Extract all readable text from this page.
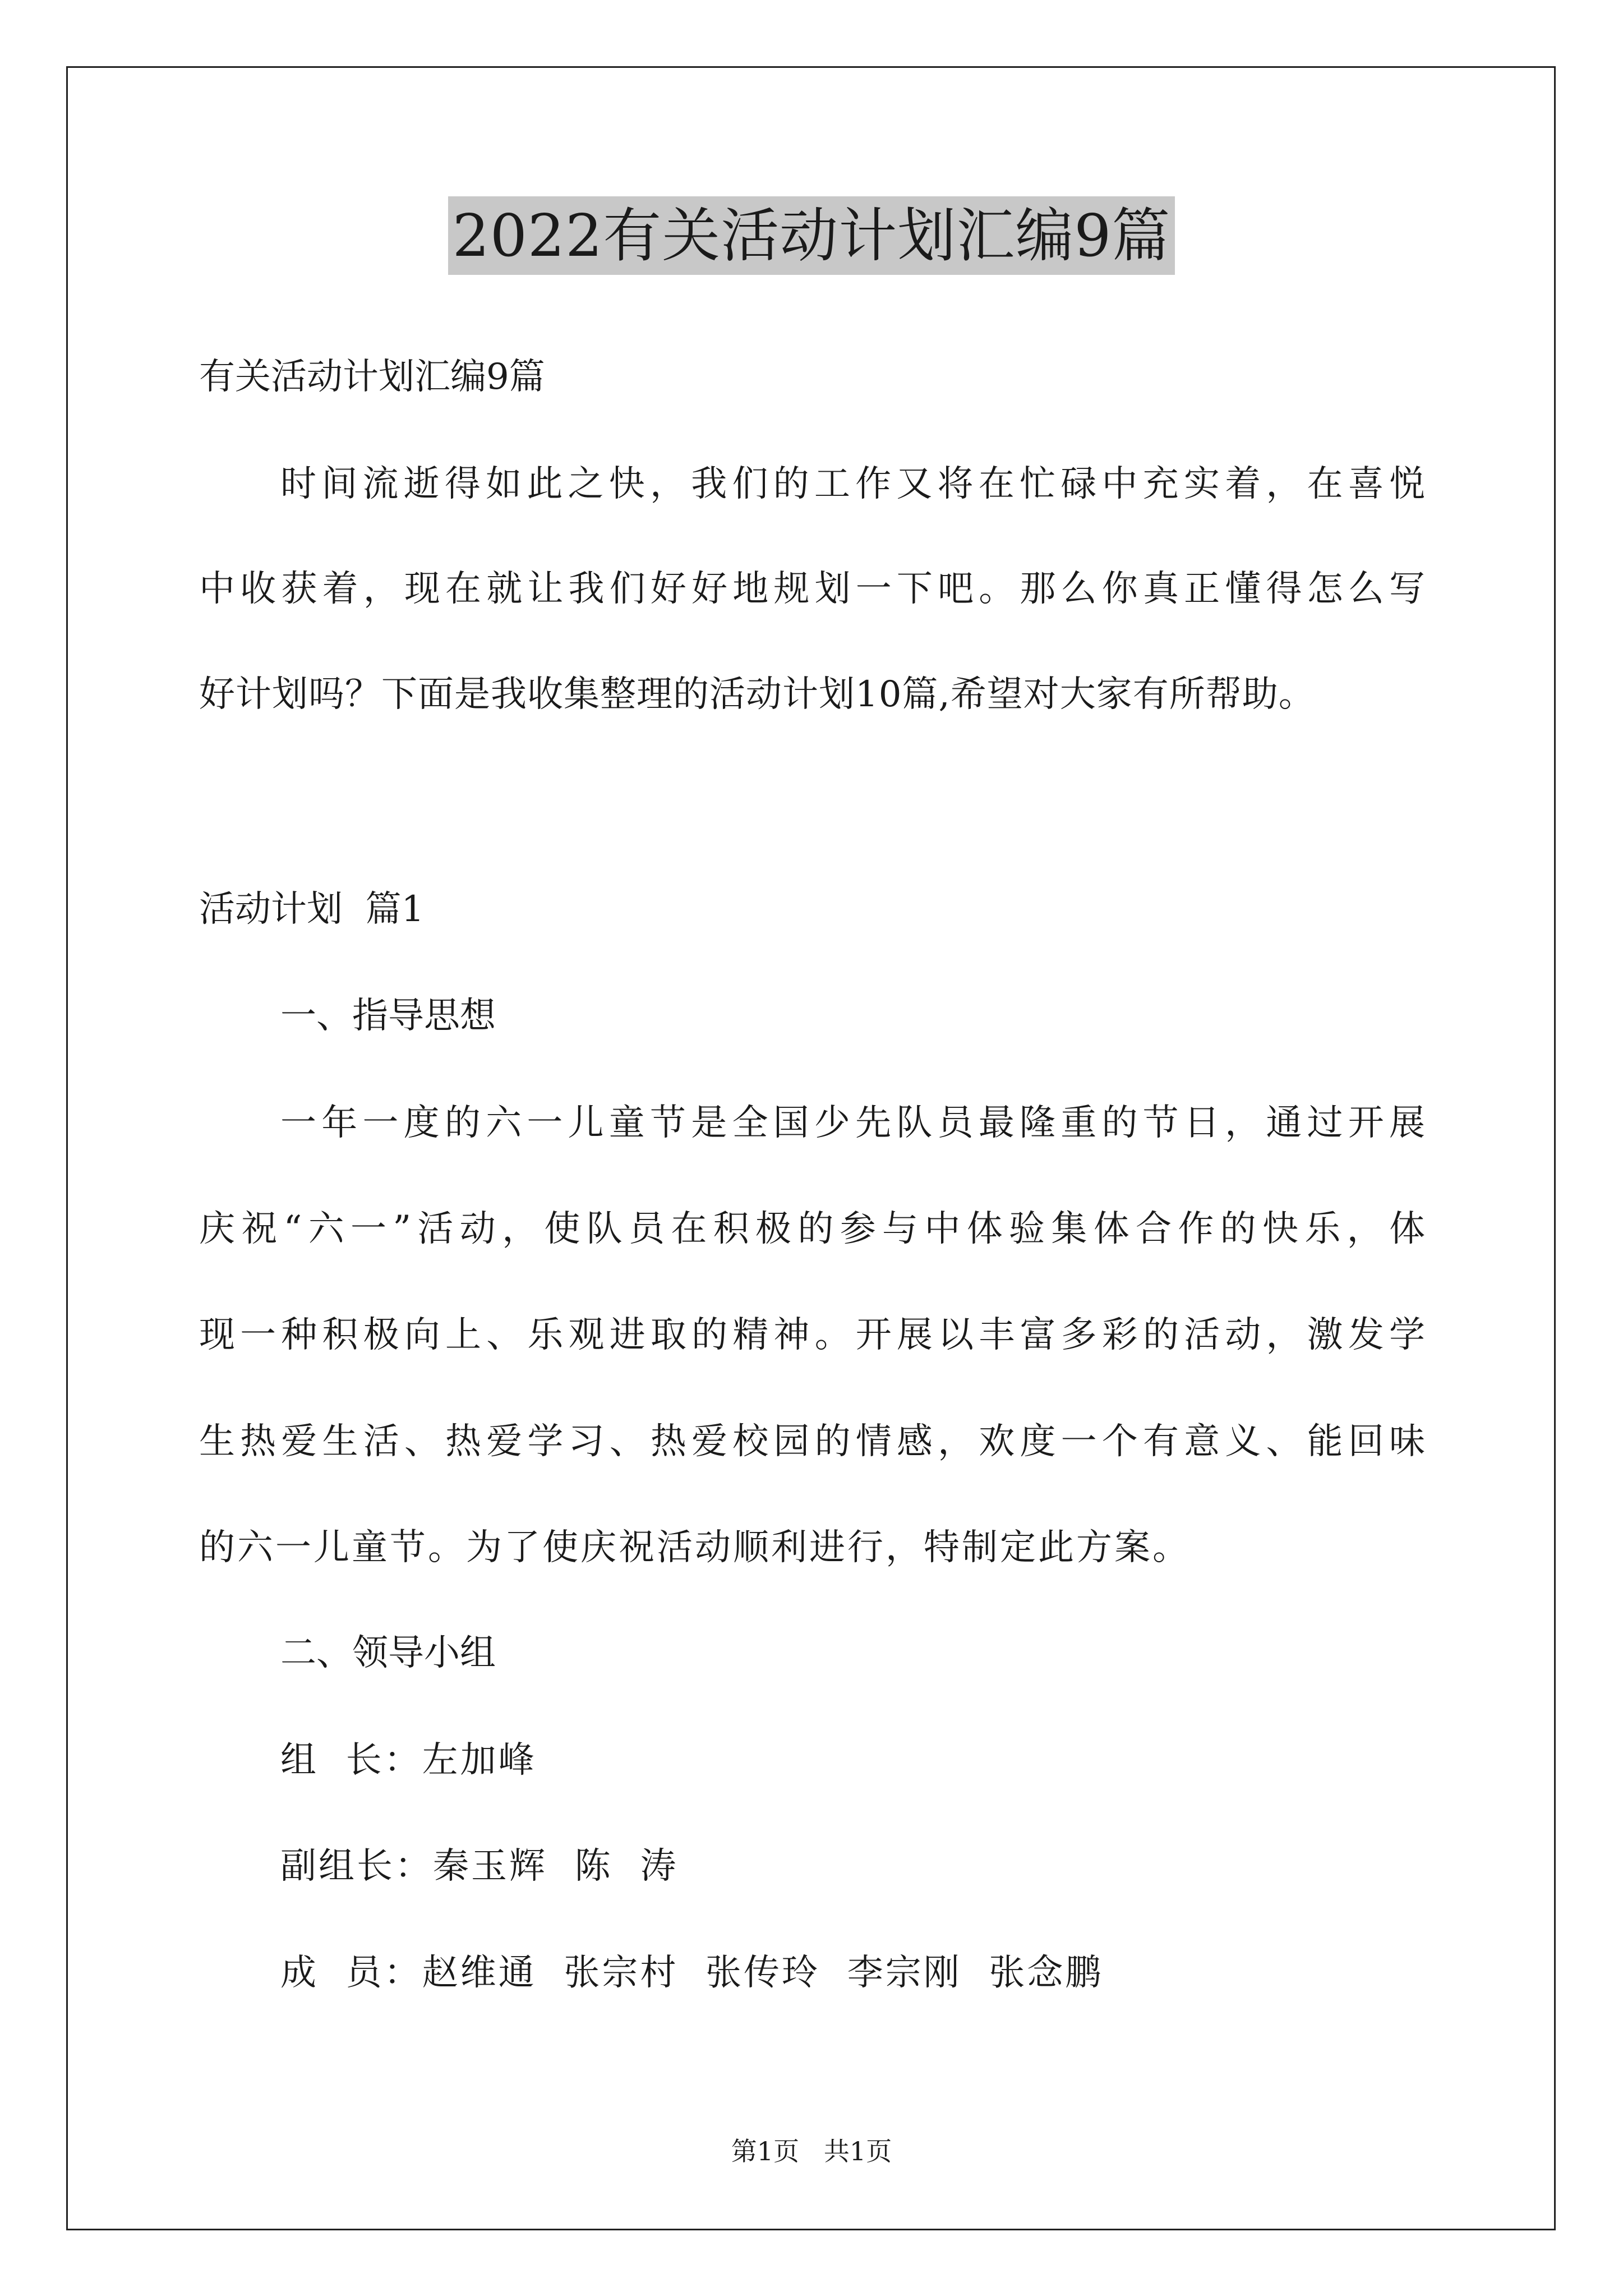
2022有关活动计划汇编9篇
有关活动计划汇编9篇
时间流逝得如此之快，我们的工作又将在忙碌中充实着，在喜悦
中收获着，现在就让我们好好地规划一下吧。那么你真正懂得怎么写
好计划吗？下面是我收集整理的活动计划10篇,希望对大家有所帮助。
活动计划  篇1
一、指导思想
一年一度的六一儿童节是全国少先队员最隆重的节日，通过开展
庆祝“六一”活动，使队员在积极的参与中体验集体合作的快乐，体
现一种积极向上、乐观进取的精神。开展以丰富多彩的活动，激发学
生热爱生活、热爱学习、热爱校园的情感，欢度一个有意义、能回味
的六一儿童节。为了使庆祝活动顺利进行，特制定此方案。
二、领导小组
组  长：左加峰
副组长：秦玉辉  陈  涛
成  员：赵维通  张宗村  张传玲  李宗刚  张念鹏
第1页   共1页
